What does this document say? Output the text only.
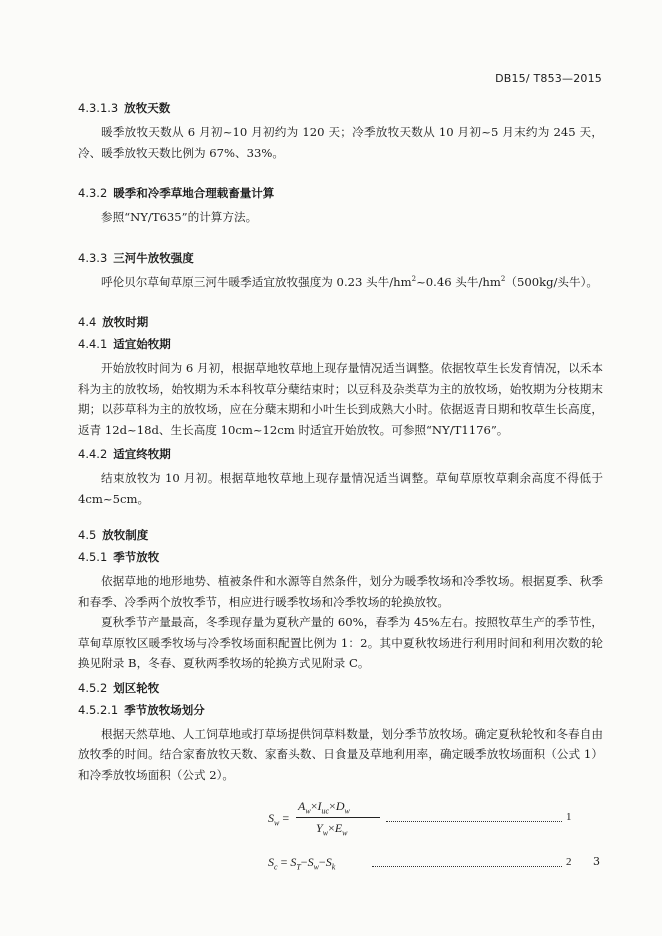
DB15/ T853—2015
4.3.1.3 放牧天数

暖季放牧天数从 6 月初~10 月初约为 120 天；冷季放牧天数从 10 月初~5 月末约为 245 天，冷、暖季放牧天数比例为 67%、33%。

4.3.2 暖季和冷季草地合理载畜量计算

参照“NY/T635”的计算方法。

4.3.3 三河牛放牧强度

呼伦贝尔草甸草原三河牛暖季适宜放牧强度为 0.23 头牛$/hm^2\sim 0.46$ 头牛$/hm^2(500kg/$头牛）。

4.4 放牧时期
4.4.1 适宜始牧期

开始放牧时间为 6 月初，根据草地牧草地上现存量情况适当调整。依据牧草生长发育情况，以禾本科为主的放牧场，始牧期为禾本科牧草分蘖结束时；以豆科及杂类草为主的放牧场，始牧期为分枝期末期；以莎草科为主的放牧场，应在分蘖末期和小叶生长到成熟大小时。依据返青日期和牧草生长高度，返青 12d~18d、生长高度 10cm~12cm 时适宜开始放牧。可参照“NY/T1176”。

4.4.2 适宜终牧期

结束放牧为 10 月初。根据草地牧草地上现存量情况适当调整。草甸草原牧草剩余高度不得低于 4cm~5cm。

4.5 放牧制度
4.5.1 季节放牧

依据草地的地形地势、植被条件和水源等自然条件，划分为暖季牧场和冷季牧场。根据夏季、秋季和春季、冷季两个放牧季节，相应进行暖季牧场和冷季牧场的轮换放牧。

夏秋季节产量最高，冬季现存量为夏秋产量的 60%，春季为 45%左右。按照牧草生产的季节性，草甸草原牧区暖季牧场与冷季牧场面积配置比例为 1：2。其中夏秋牧场进行利用时间和利用次数的轮换见附录 B，冬春、夏秋两季牧场的轮换方式见附录 C。

4.5.2 划区轮牧
4.5.2.1 季节放牧场划分

根据天然草地、人工饲草地或打草场提供饲草料数量，划分季节放牧场。确定夏秋轮牧和冬春自由放牧季的时间。结合家畜放牧天数、家畜头数、日食量及草地利用率，确定暖季放牧场面积（公式 1）和冷季放牧场面积（公式 2）。

$S_w$ =
$A_w\times I_{uc}\times D_w$
$Y_w\times E_w$
1
$S_c = S_T-S_w-S_k$	2 3
